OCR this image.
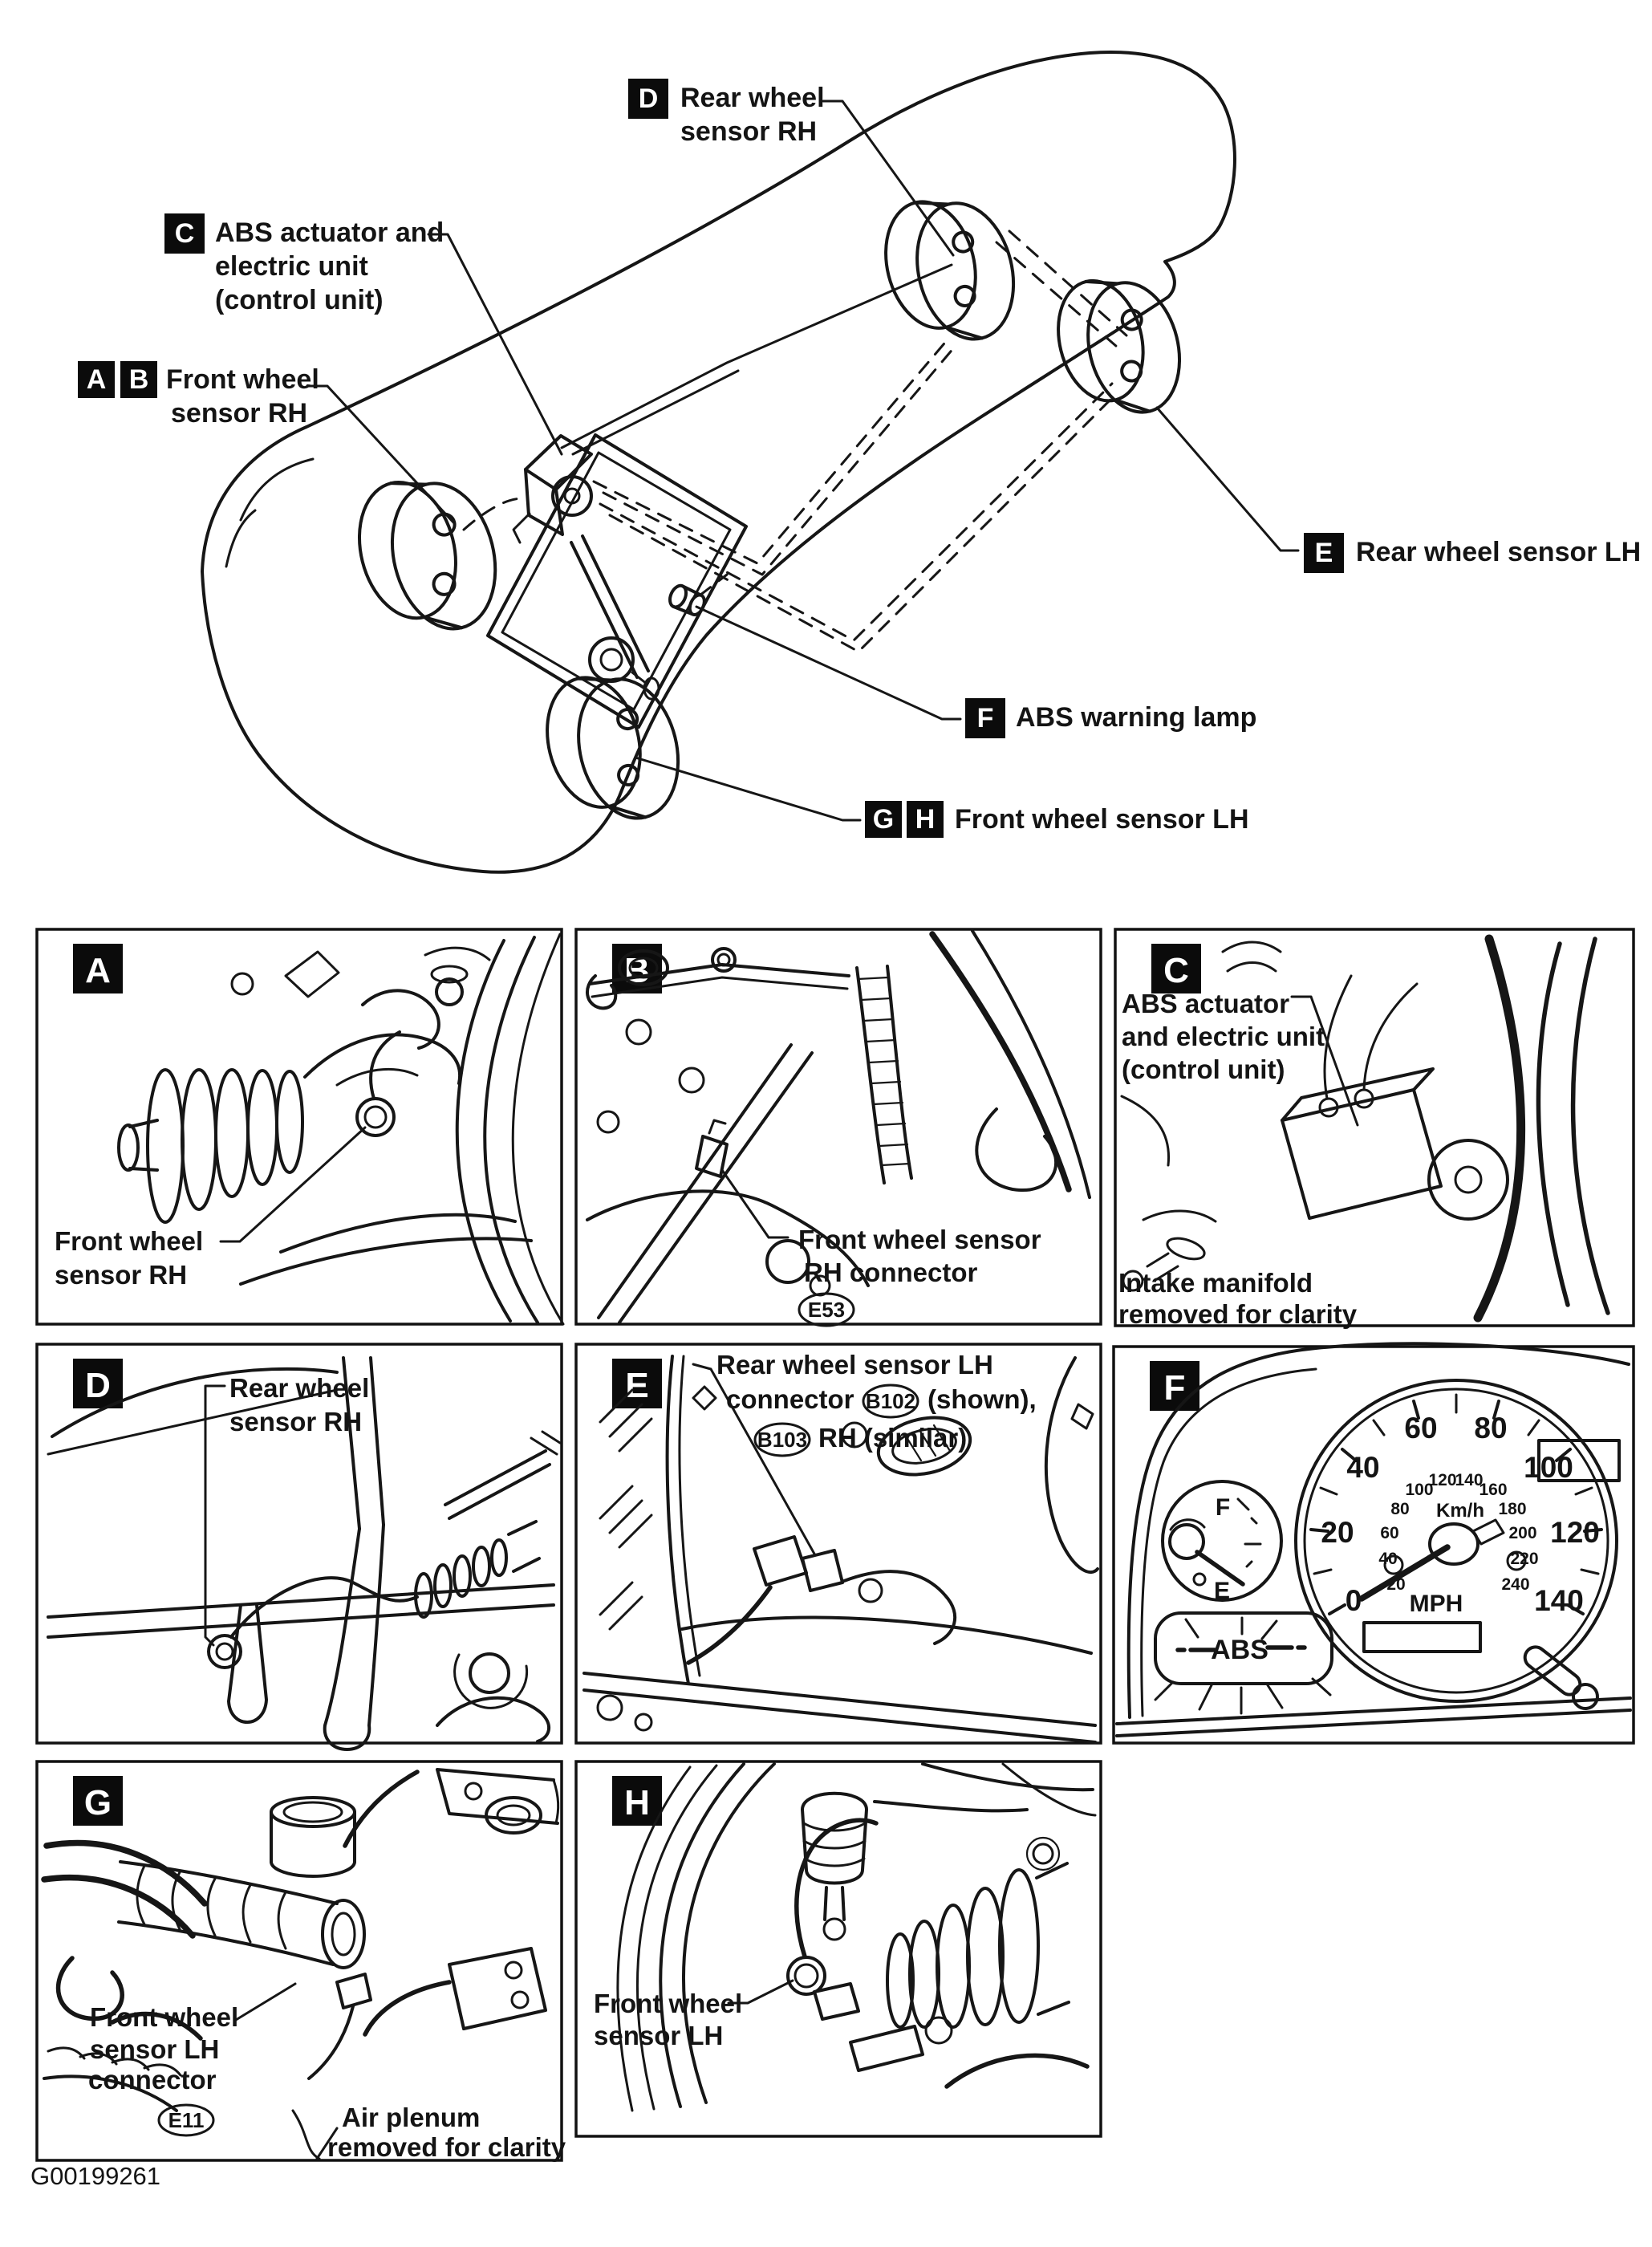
D Rear wheel
sensor RH
C ABS actuator and
electric unit
(control unit)
A B Front wheel
sensor RH
E Rear wheel sensor LH
F ABS warning lamp
G H Front wheel sensor LH
A
Front wheel
sensor RH
B
Front wheel sensor
RH connector
E53
C
ABS actuator
and electric unit
(control unit)
Intake manifold
removed for clarity
D	Rear wheel
sensor RH
E
Rear wheel sensor LH
connector B102 (shown),
B103 RH (similar)
F
0
20
40
60 80
100
120
140
20
40
60
80
100
120
140
160
180
200
220
240
Km/h
MPH
F
E
ABS
G
Front wheel
sensor LH
connector
E11	Air plenum
removed for clarity
H
Front wheel
sensor LH
G00199261
